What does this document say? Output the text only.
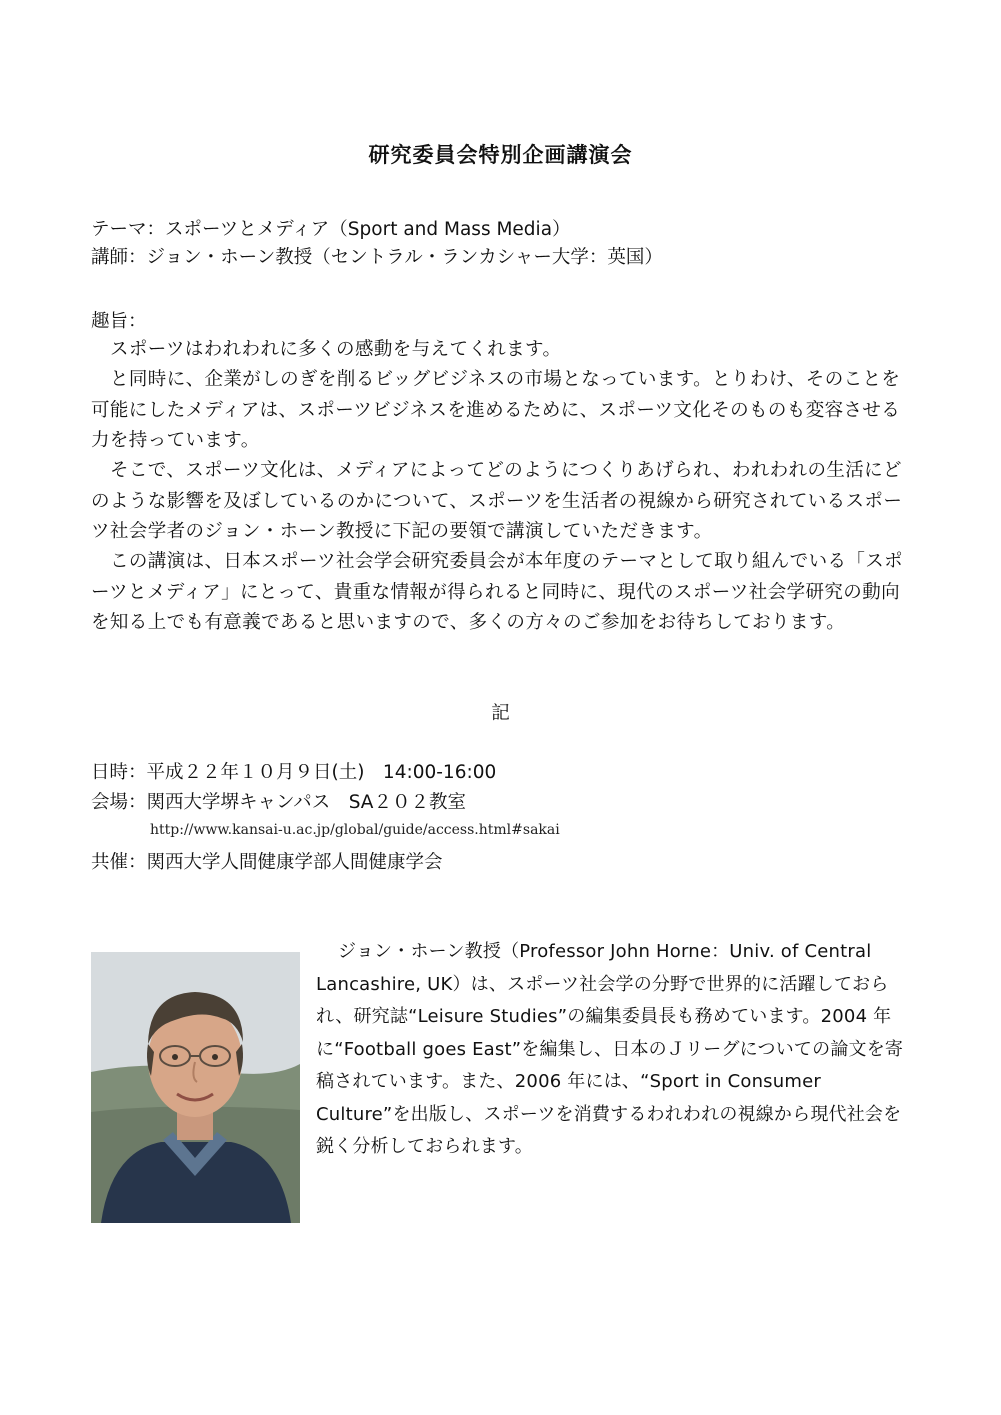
研究委員会特別企画講演会
テーマ：スポーツとメディア（Sport and Mass Media）
講師：ジョン・ホーン教授（セントラル・ランカシャー大学：英国）
趣旨：
スポーツはわれわれに多くの感動を与えてくれます。
と同時に、企業がしのぎを削るビッグビジネスの市場となっています。とりわけ、そのことを可能にしたメディアは、スポーツビジネスを進めるために、スポーツ文化そのものも変容させる力を持っています。
そこで、スポーツ文化は、メディアによってどのようにつくりあげられ、われわれの生活にどのような影響を及ぼしているのかについて、スポーツを生活者の視線から研究されているスポーツ社会学者のジョン・ホーン教授に下記の要領で講演していただきます。
この講演は、日本スポーツ社会学会研究委員会が本年度のテーマとして取り組んでいる「スポーツとメディア」にとって、貴重な情報が得られると同時に、現代のスポーツ社会学研究の動向を知る上でも有意義であると思いますので、多くの方々のご参加をお待ちしております。
記
日時：平成２２年１０月９日(土)　14:00-16:00
会場：関西大学堺キャンパス　SA２０２教室
http://www.kansai-u.ac.jp/global/guide/access.html#sakai
共催：関西大学人間健康学部人間健康学会
ジョン・ホーン教授（Professor John Horne：Univ. of Central Lancashire, UK）は、スポーツ社会学の分野で世界的に活躍しておられ、研究誌“Leisure Studies”の編集委員長も務めています。2004 年に“Football goes East”を編集し、日本のＪリーグについての論文を寄稿されています。また、2006 年には、“Sport in Consumer Culture”を出版し、スポーツを消費するわれわれの視線から現代社会を鋭く分析しておられます。
